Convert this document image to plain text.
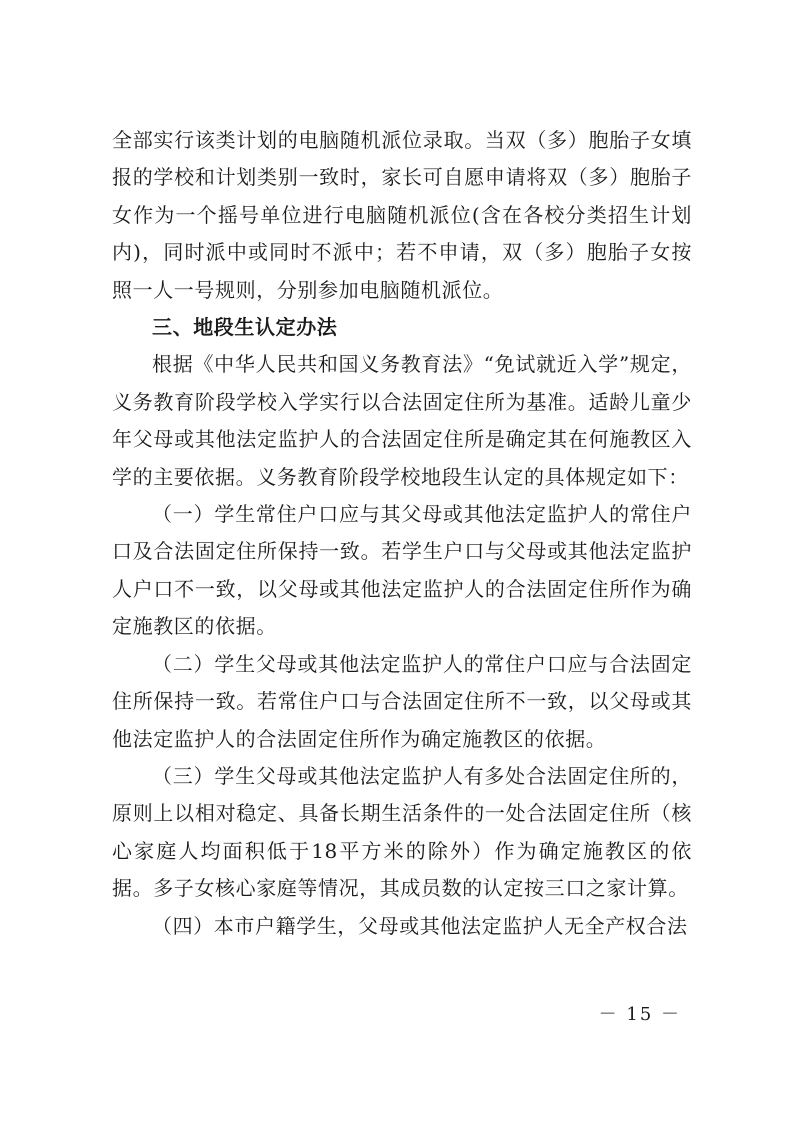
全部实行该类计划的电脑随机派位录取。当双（多）胞胎子女填报的学校和计划类别一致时，家长可自愿申请将双（多）胞胎子女作为一个摇号单位进行电脑随机派位(含在各校分类招生计划内)，同时派中或同时不派中；若不申请，双（多）胞胎子女按照一人一号规则，分别参加电脑随机派位。

三、地段生认定办法

根据《中华人民共和国义务教育法》“免试就近入学”规定，义务教育阶段学校入学实行以合法固定住所为基准。适龄儿童少年父母或其他法定监护人的合法固定住所是确定其在何施教区入学的主要依据。义务教育阶段学校地段生认定的具体规定如下：

（一）学生常住户口应与其父母或其他法定监护人的常住户口及合法固定住所保持一致。若学生户口与父母或其他法定监护人户口不一致，以父母或其他法定监护人的合法固定住所作为确定施教区的依据。

（二）学生父母或其他法定监护人的常住户口应与合法固定住所保持一致。若常住户口与合法固定住所不一致，以父母或其他法定监护人的合法固定住所作为确定施教区的依据。

（三）学生父母或其他法定监护人有多处合法固定住所的，原则上以相对稳定、具备长期生活条件的一处合法固定住所（核心家庭人均面积低于18平方米的除外）作为确定施教区的依据。多子女核心家庭等情况，其成员数的认定按三口之家计算。

（四）本市户籍学生，父母或其他法定监护人无全产权合法

－ 15 －
